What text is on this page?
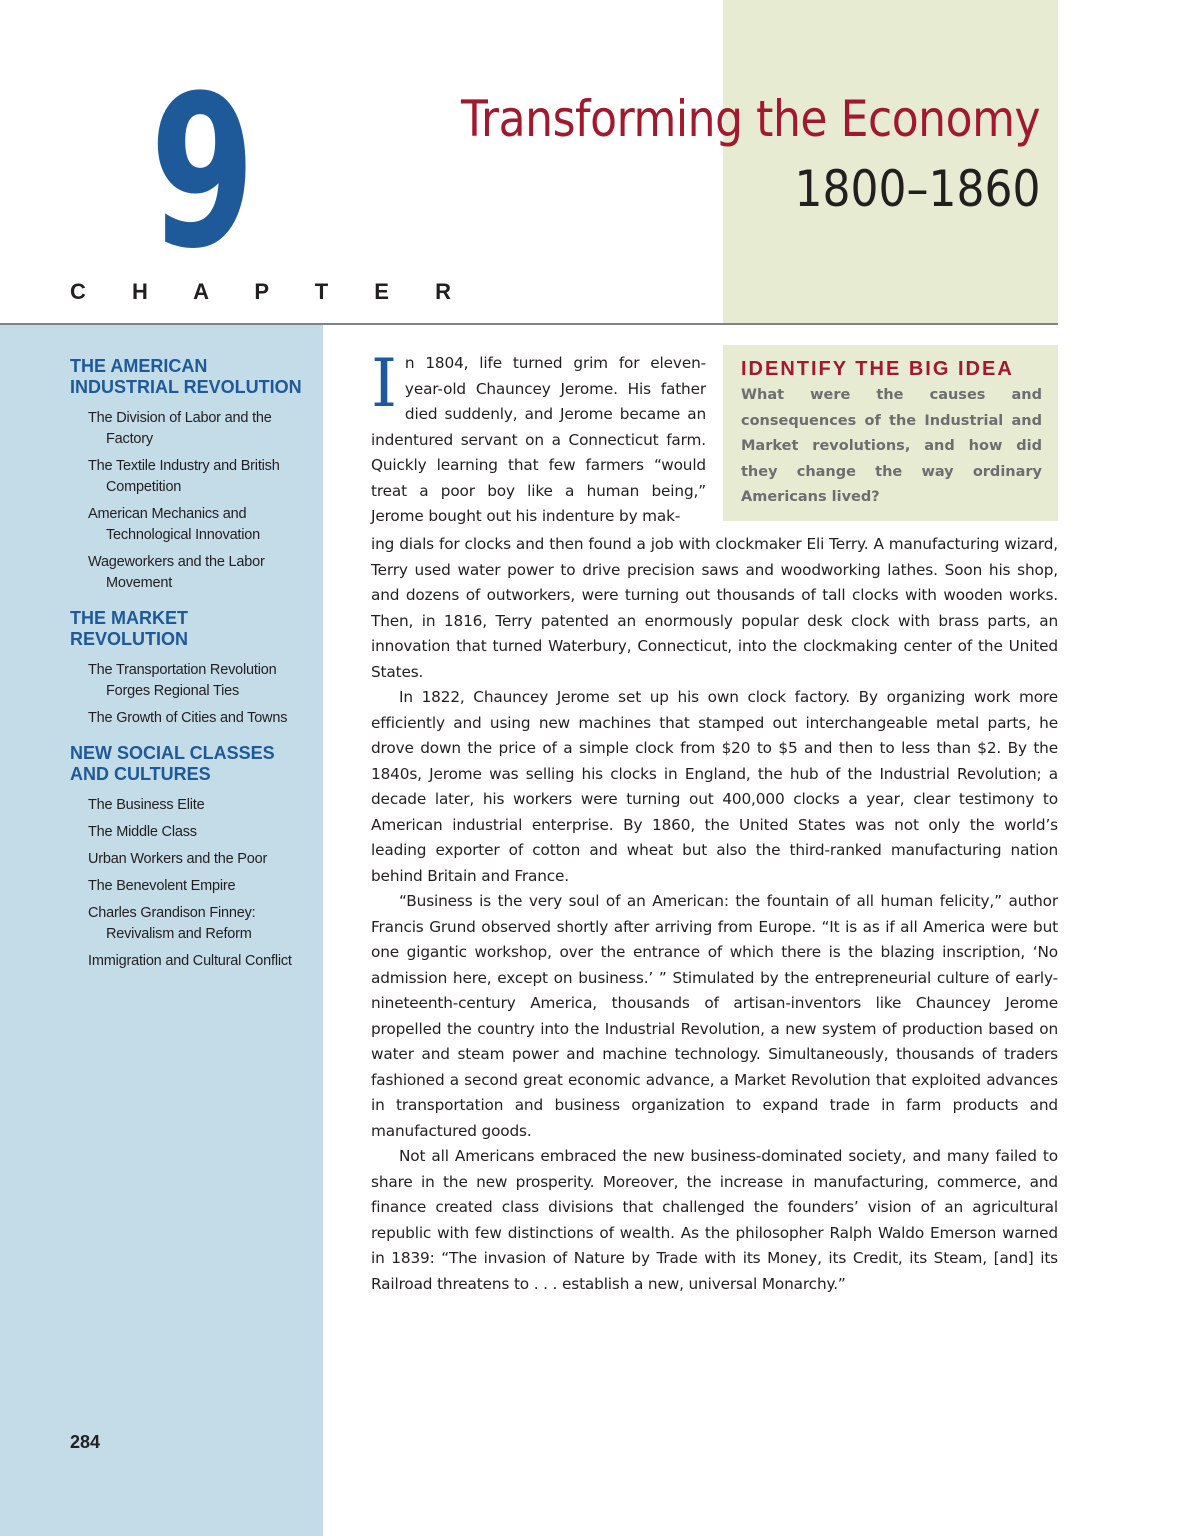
9
C H A P T E R
Transforming the Economy
1800–1860
THE AMERICAN INDUSTRIAL REVOLUTION
The Division of Labor and the Factory
The Textile Industry and British Competition
American Mechanics and Technological Innovation
Wageworkers and the Labor Movement
THE MARKET REVOLUTION
The Transportation Revolution Forges Regional Ties
The Growth of Cities and Towns
NEW SOCIAL CLASSES AND CULTURES
The Business Elite
The Middle Class
Urban Workers and the Poor
The Benevolent Empire
Charles Grandison Finney: Revivalism and Reform
Immigration and Cultural Conflict
284
IDENTIFY THE BIG IDEA
What were the causes and consequences of the Industrial and Market revolutions, and how did they change the way ordinary Americans lived?
In 1804, life turned grim for eleven-year-old Chauncey Jerome. His father died suddenly, and Jerome became an indentured servant on a Connecticut farm. Quickly learning that few farmers “would treat a poor boy like a human being,” Jerome bought out his indenture by mak-

ing dials for clocks and then found a job with clockmaker Eli Terry. A manufacturing wizard, Terry used water power to drive precision saws and woodworking lathes. Soon his shop, and dozens of outworkers, were turning out thousands of tall clocks with wooden works. Then, in 1816, Terry patented an enormously popular desk clock with brass parts, an innovation that turned Waterbury, Connecticut, into the clockmaking center of the United States.

In 1822, Chauncey Jerome set up his own clock factory. By organizing work more efficiently and using new machines that stamped out interchangeable metal parts, he drove down the price of a simple clock from $20 to $5 and then to less than $2. By the 1840s, Jerome was selling his clocks in England, the hub of the Industrial Revolution; a decade later, his workers were turning out 400,000 clocks a year, clear testimony to American industrial enterprise. By 1860, the United States was not only the world’s leading exporter of cotton and wheat but also the third-ranked manufacturing nation behind Britain and France.

“Business is the very soul of an American: the fountain of all human felicity,” author Francis Grund observed shortly after arriving from Europe. “It is as if all America were but one gigantic workshop, over the entrance of which there is the blazing inscription, ‘No admission here, except on business.’ ” Stimulated by the entrepreneurial culture of early-nineteenth-century America, thousands of artisan-inventors like Chauncey Jerome propelled the country into the Industrial Revolution, a new system of production based on water and steam power and machine technology. Simultaneously, thousands of traders fashioned a second great economic advance, a Market Revolution that exploited advances in transportation and business organization to expand trade in farm products and manufactured goods.

Not all Americans embraced the new business-dominated society, and many failed to share in the new prosperity. Moreover, the increase in manufacturing, commerce, and finance created class divisions that challenged the founders’ vision of an agricultural republic with few distinctions of wealth. As the philosopher Ralph Waldo Emerson warned in 1839: “The invasion of Nature by Trade with its Money, its Credit, its Steam, [and] its Railroad threatens to . . . establish a new, universal Monarchy.”
